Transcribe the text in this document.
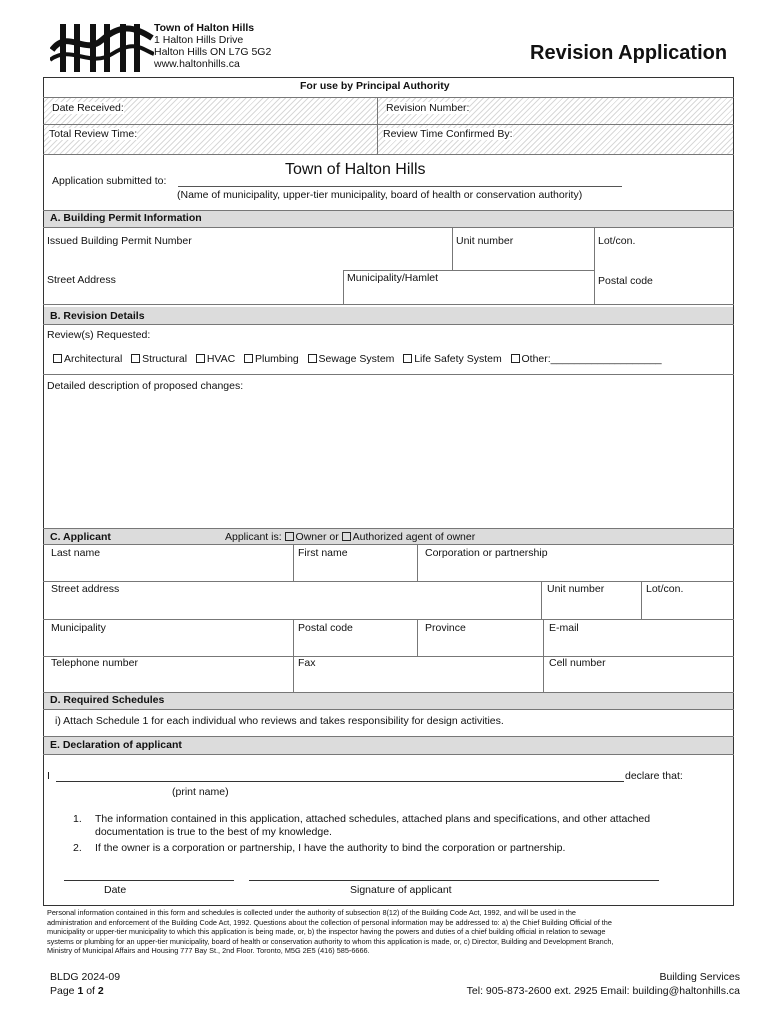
Town of Halton Hills
1 Halton Hills Drive
Halton Hills ON L7G 5G2
www.haltonhills.ca	Revision Application
For use by Principal Authority
Date Received:	Revision Number:
Total Review Time:	Review Time Confirmed By:
Application submitted to:
Town of Halton Hills
(Name of municipality, upper-tier municipality, board of health or conservation authority)
A. Building Permit Information
Issued Building Permit Number	Unit number	Lot/con.
Street Address	Municipality/Hamlet	Postal code
B. Revision Details
Review(s) Requested:
Architectural Structural HVAC Plumbing Sewage System Life Safety System Other:___________________
Detailed description of proposed changes:
C. Applicant	Applicant is: Owner or Authorized agent of owner
Last name	First name	Corporation or partnership
Street address	Unit number	Lot/con.
Municipality	Postal code	Province	E-mail
Telephone number	Fax	Cell number
D. Required Schedules
i) Attach Schedule 1 for each individual who reviews and takes responsibility for design activities.
E. Declaration of applicant
I	declare that:
(print name)
1. The information contained in this application, attached schedules, attached plans and specifications, and other attached
documentation is true to the best of my knowledge.
2. If the owner is a corporation or partnership, I have the authority to bind the corporation or partnership.
Date	Signature of applicant
Personal information contained in this form and schedules is collected under the authority of subsection 8(12) of the Building Code Act, 1992, and will be used in the
administration and enforcement of the Building Code Act, 1992. Questions about the collection of personal information may be addressed to: a) the Chief Building Official of the
municipality or upper-tier municipality to which this application is being made, or, b) the inspector having the powers and duties of a chief building official in relation to sewage
systems or plumbing for an upper-tier municipality, board of health or conservation authority to whom this application is made, or, c) Director, Building and Development Branch,
Ministry of Municipal Affairs and Housing 777 Bay St., 2nd Floor. Toronto, M5G 2E5 (416) 585-6666.
BLDG 2024-09
Page 1 of 2
Building Services
Tel: 905-873-2600 ext. 2925 Email: building@haltonhills.ca
